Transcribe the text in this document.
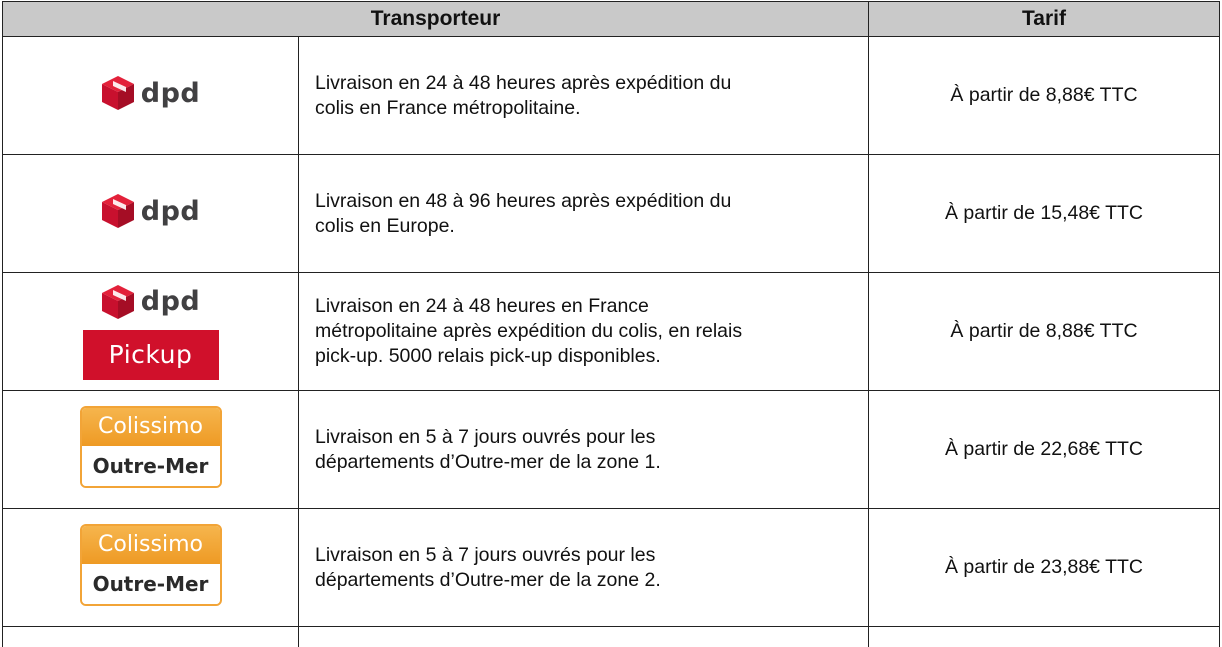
Transporteur		Tarif

dpd	Livraison en 24 à 48 heures après expédition du
colis en France métropolitaine.	À partir de 8,88€ TTC

dpd	Livraison en 48 à 96 heures après expédition du
colis en Europe.	À partir de 15,48€ TTC

dpd
Pickup	Livraison en 24 à 48 heures en France
métropolitaine après expédition du colis, en relais
pick-up. 5000 relais pick-up disponibles.	À partir de 8,88€ TTC

Colissimo
Outre-Mer	Livraison en 5 à 7 jours ouvrés pour les
départements d’Outre-mer de la zone 1.	À partir de 22,68€ TTC

Colissimo
Outre-Mer	Livraison en 5 à 7 jours ouvrés pour les
départements d’Outre-mer de la zone 2.	À partir de 23,88€ TTC
